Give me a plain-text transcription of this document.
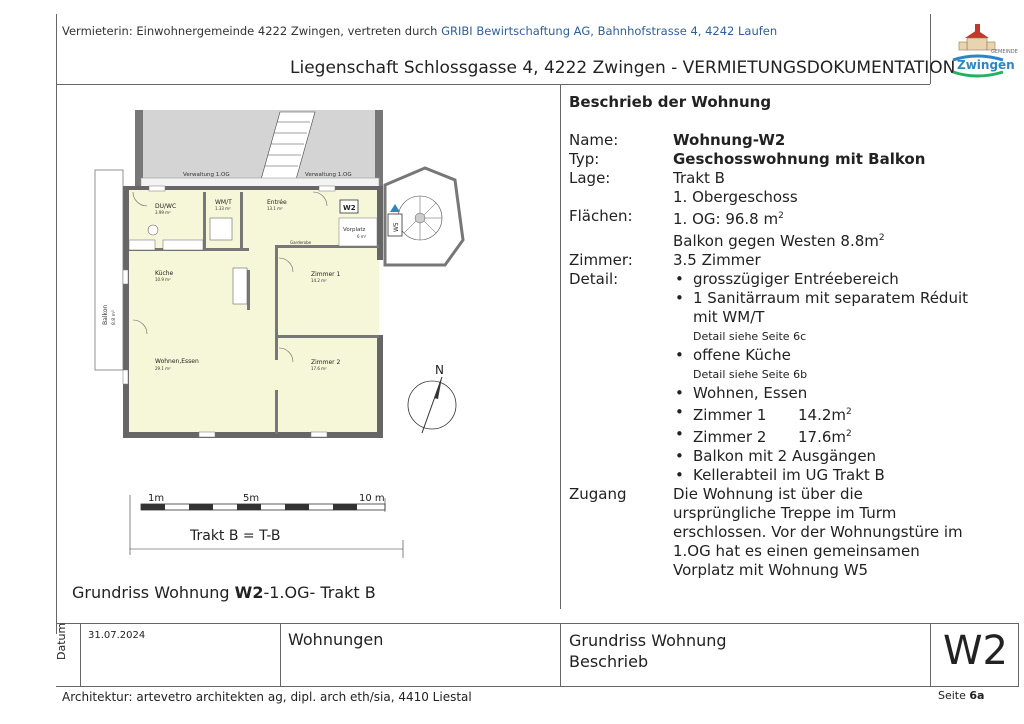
Vermieterin: Einwohnergemeinde 4222 Zwingen, vertreten durch GRIBI Bewirtschaftung AG, Bahnhofstrasse 4, 4242 Laufen
Liegenschaft Schlossgasse 4, 4222 Zwingen - VERMIETUNGSDOKUMENTATION
GEMEINDE
Zwingen
Verwaltung 1.OG	Verwaltung 1.OG
Balkon 8.8 m²
Vorplatz
6 m²
W2
W5
DU/WC
3.99 m²
WM/T
1.33 m²
Entrée
13.1 m²
Garderobe
Küche
10.9 m²
Wohnen,Essen
29.1 m²
Zimmer 1
14.2 m²
Zimmer 2
17.6 m²	N
1m	5m	10 m
Trakt B = T-B
Grundriss Wohnung W2-1.OG- Trakt B
Beschrieb der Wohnung
Name:	Wohnung-W2
Typ:	Geschosswohnung mit Balkon
Lage:	Trakt B
1. Obergeschoss
Flächen:	1. OG: 96.8 $m^2$
Balkon gegen Westen $8.8m^2$
Zimmer:	3.5 Zimmer
Detail:
•	grosszügiger Entréebereich
• 1 Sanitärraum mit separatem Réduit mit WM/T
Detail siehe Seite 6c
• offene Küche
Detail siehe Seite 6b
• Wohnen, Essen
• Zimmer 1 $14.2m^2$
• Zimmer 2 $17.6m^2$
• Balkon mit 2 Ausgängen
• Kellerabteil im UG Trakt B
Zugang	Die Wohnung ist über die ursprüngliche Treppe im Turm erschlossen. Vor der Wohnungstüre im 1.OG hat es einen gemeinsamen Vorplatz mit Wohnung W5
31.07.2024
Datum	Wohnungen	Grundriss Wohnung
Beschrieb	W2
Architektur: artevetro architekten ag, dipl. arch eth/sia, 4410 Liestal	Seite 6a
